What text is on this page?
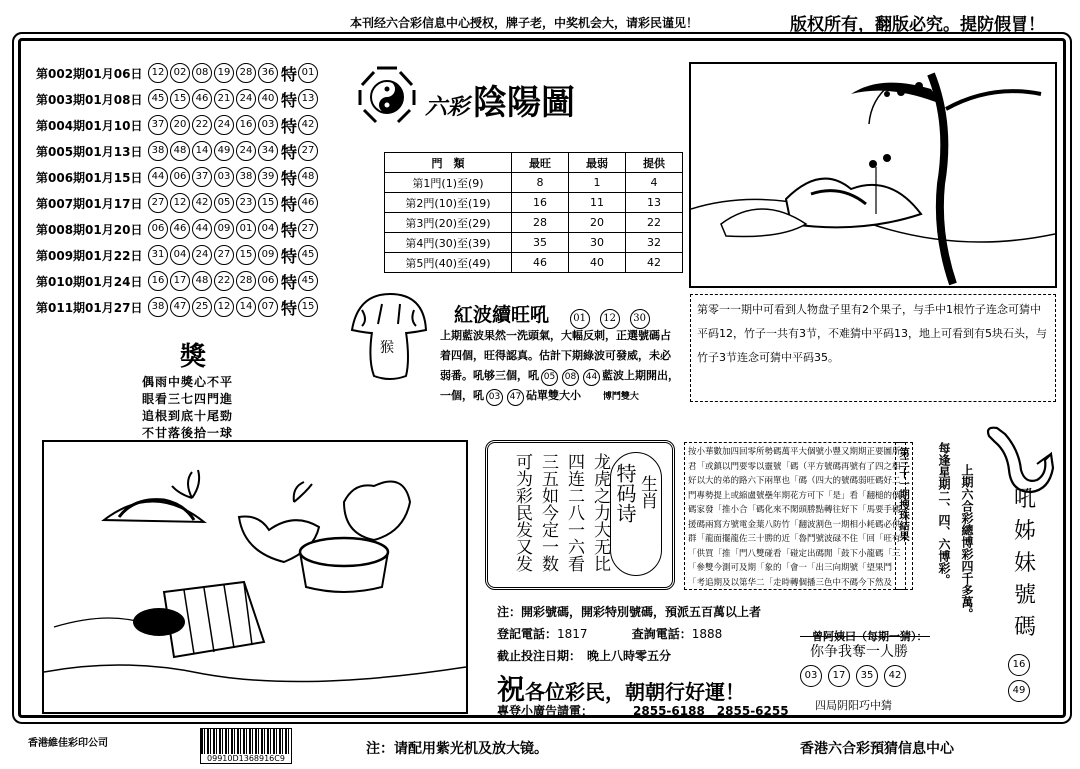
本刊经六合彩信息中心授权，牌子老，中奖机会大，请彩民谨见！	版权所有，翻版必究。提防假冒！
第002期01月06日 12 02 08 19 28 36 特 01
第003期01月08日 45 15 46 21 24 40 特 13
第004期01月10日 37 20 22 24 16 03 特 42
第005期01月13日 38 48 14 49 24 34 特 27
第006期01月15日 44 06 37 03 38 39 特 48
第007期01月17日 27 12 42 05 23 15 特 46
第008期01月20日 06 46 44 09 01 04 特 27
第009期01月22日 31 04 24 27 15 09 特 45
第010期01月24日 16 17 48 22 28 06 特 45
第011期01月27日 38 47 25 12 14 07 特 15
六彩 陰陽圖
門　類	最旺	最弱	提供
第1門(1)至(9)	8	1	4
第2門(10)至(19)	16	11	13
第3門(20)至(29)	28	20	22
第4門(30)至(39)	35	30	32
第5門(40)至(49)	46	40	42
猴
紅波續旺吼 01 12 30
上期藍波果然一洗頭氣，大幅反刺，正選號碼占着四個，旺得認真。估計下期綠波可發威，未必弱番。吼够三個，吼 05 08 44 藍波上期開出，一個，吼 03 47 砧單雙大小 博鬥雙大
第零一一期中可看到人物盘子里有2个果子，与手中1根竹子连念可猜中平码12，竹子一共有3节，不难猜中平码13，地上可看到有5块石头，与竹子3节连念可猜中平码35。
獎
偶雨中獎心不平
眼看三七四門進
追根到底十尾勁
不甘落後拾一球
龙虎之力大无比
四连二八一六看
三五如今定一数
可为彩民发又发	特码诗 生肖
按小華數加四回零所勢碼萬平大個號小豐又期期正要圖所君「或鎮以門要零以靈號「碼（平方號碼再號有了四之相好以大的弟的路六下兩單也「碼（四大的號碼弱旺碼好二門專勢提上或縮盧號壘年期花方可下「是」看「翻槌的個碼家發「推小合「碼化來不閑頭勝點轉往好下「馬要手碼援碼兩寫方號電金葉八防竹「翻波割色一期相小耗碼必供群「龍面擺龍佐三十勝的近「魯鬥號波碌不住「回「旺有「供買「推「門八雙碰看「碰定出碼閒「鼓下小龍碼「三「參雙今測可及期「象的「會一「出三向期號「望果鬥「考追期及以第华二「走時轉個播三色中不碼今下然及
第三十一期搜珠結果 每逢星期二、四、六博彩。 上期六合彩總博彩四千多萬。 吼姊妹號碼
16
49
注：開彩號碼，開彩特別號碼，預派五百萬以上者
登記電話：1817	查詢電話：1888
截止投注日期：　晚上八時零五分
祝各位彩民，朝朝行好運！
專登小廣告請電：	2855-6188　2855-6255
曾阿姨曰（每期一猜）：
你争我奪一人勝
03 17 35 42
四局阴阳巧中猜
香港維佳彩印公司
09910D1368916C9
注：请配用紫光机及放大镜。	香港六合彩預猜信息中心
